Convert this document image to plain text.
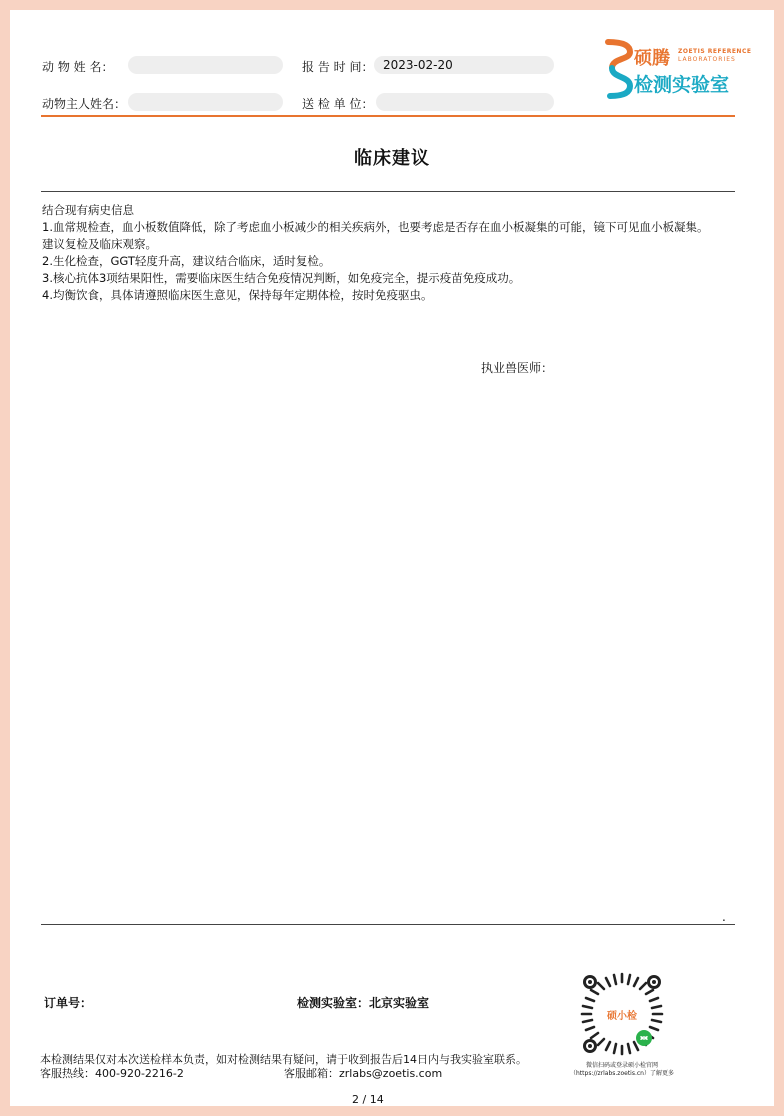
动 物 姓 名：	报 告 时 间： 2023-02-20
动物主人姓名：	送 检 单 位：
硕腾 ZOETIS REFERENCE
LABORATORIES
检测实验室
临床建议
结合现有病史信息
1.血常规检查，血小板数值降低，除了考虑血小板减少的相关疾病外，也要考虑是否存在血小板凝集的可能，镜下可见血小板凝集。建议复检及临床观察。
2.生化检查，GGT轻度升高，建议结合临床，适时复检。
3.核心抗体3项结果阳性，需要临床医生结合免疫情况判断，如免疫完全，提示疫苗免疫成功。
4.均衡饮食，具体请遵照临床医生意见，保持每年定期体检，按时免疫驱虫。
执业兽医师：
.
订单号：	检测实验室：北京实验室
本检测结果仅对本次送检样本负责，如对检测结果有疑问，请于收到报告后14日内与我实验室联系。
客服热线：400-920-2216-2	客服邮箱：zrlabs@zoetis.com
2 / 14
硕小检
微信扫码或登录硕小检官网
（https://zrlabs.zoetis.cn）了解更多
